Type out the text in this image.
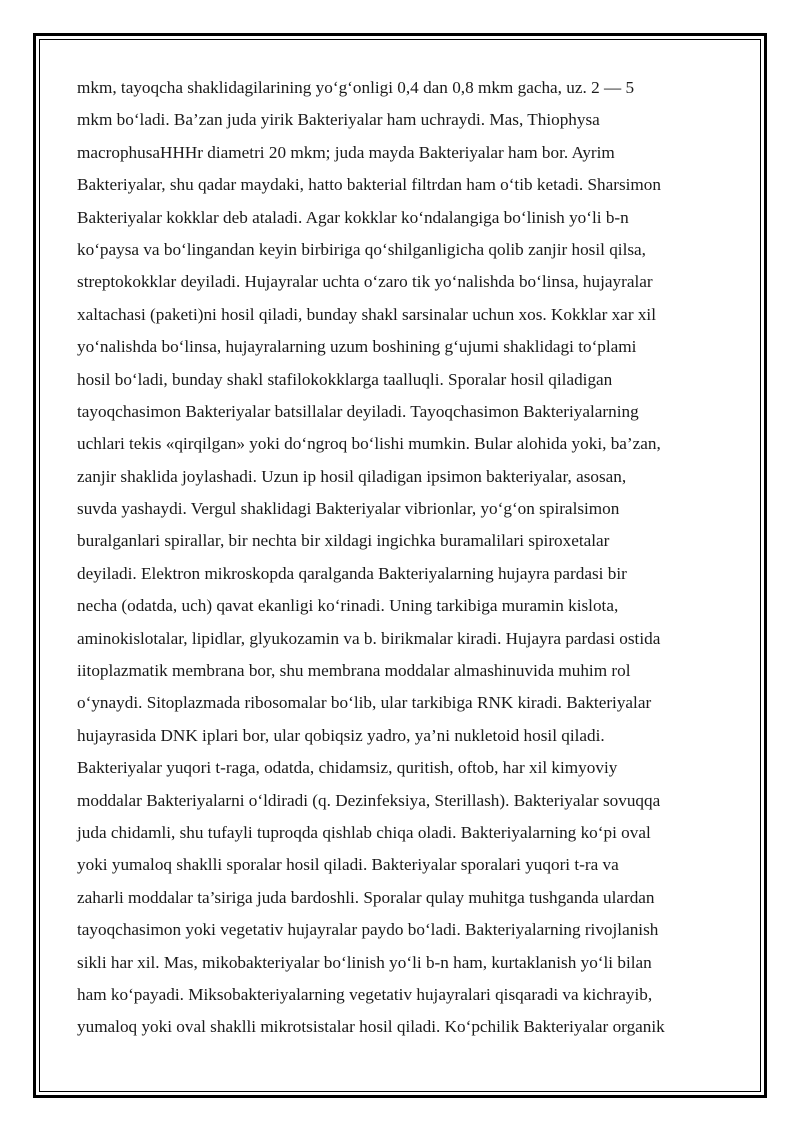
mkm, tayoqcha shaklidagilarining yo‘g‘onligi 0,4 dan 0,8 mkm gacha, uz. 2 — 5
mkm bo‘ladi. Ba’zan juda yirik Bakteriyalar ham uchraydi. Mas, Thiophysa
macrophusaHHHr diametri 20 mkm; juda mayda Bakteriyalar ham bor. Ayrim
Bakteriyalar, shu qadar maydaki, hatto bakterial filtrdan ham o‘tib ketadi. Sharsimon
Bakteriyalar kokklar deb ataladi. Agar kokklar ko‘ndalangiga bo‘linish yo‘li b-n
ko‘paysa va bo‘lingandan keyin birbiriga qo‘shilganligicha qolib zanjir hosil qilsa,
streptokokklar deyiladi. Hujayralar uchta o‘zaro tik yo‘nalishda bo‘linsa, hujayralar
xaltachasi (paketi)ni hosil qiladi, bunday shakl sarsinalar uchun xos. Kokklar xar xil
yo‘nalishda bo‘linsa, hujayralarning uzum boshining g‘ujumi shaklidagi to‘plami
hosil bo‘ladi, bunday shakl stafilokokklarga taalluqli. Sporalar hosil qiladigan
tayoqchasimon Bakteriyalar batsillalar deyiladi. Tayoqchasimon Bakteriyalarning
uchlari tekis «qirqilgan» yoki do‘ngroq bo‘lishi mumkin. Bular alohida yoki, ba’zan,
zanjir shaklida joylashadi. Uzun ip hosil qiladigan ipsimon bakteriyalar, asosan,
suvda yashaydi. Vergul shaklidagi Bakteriyalar vibrionlar, yo‘g‘on spiralsimon
buralganlari spirallar, bir nechta bir xildagi ingichka buramalilari spiroxetalar
deyiladi. Elektron mikroskopda qaralganda Bakteriyalarning hujayra pardasi bir
necha (odatda, uch) qavat ekanligi ko‘rinadi. Uning tarkibiga muramin kislota,
aminokislotalar, lipidlar, glyukozamin va b. birikmalar kiradi. Hujayra pardasi ostida
iitoplazmatik membrana bor, shu membrana moddalar almashinuvida muhim rol
o‘ynaydi. Sitoplazmada ribosomalar bo‘lib, ular tarkibiga RNK kiradi. Bakteriyalar
hujayrasida DNK iplari bor, ular qobiqsiz yadro, ya’ni nukletoid hosil qiladi.
Bakteriyalar yuqori t-raga, odatda, chidamsiz, quritish, oftob, har xil kimyoviy
moddalar Bakteriyalarni o‘ldiradi (q. Dezinfeksiya, Sterillash). Bakteriyalar sovuqqa
juda chidamli, shu tufayli tuproqda qishlab chiqa oladi. Bakteriyalarning ko‘pi oval
yoki yumaloq shaklli sporalar hosil qiladi. Bakteriyalar sporalari yuqori t-ra va
zaharli moddalar ta’siriga juda bardoshli. Sporalar qulay muhitga tushganda ulardan
tayoqchasimon yoki vegetativ hujayralar paydo bo‘ladi. Bakteriyalarning rivojlanish
sikli har xil. Mas, mikobakteriyalar bo‘linish yo‘li b-n ham, kurtaklanish yo‘li bilan
ham ko‘payadi. Miksobakteriyalarning vegetativ hujayralari qisqaradi va kichrayib,
yumaloq yoki oval shaklli mikrotsistalar hosil qiladi. Ko‘pchilik Bakteriyalar organik
